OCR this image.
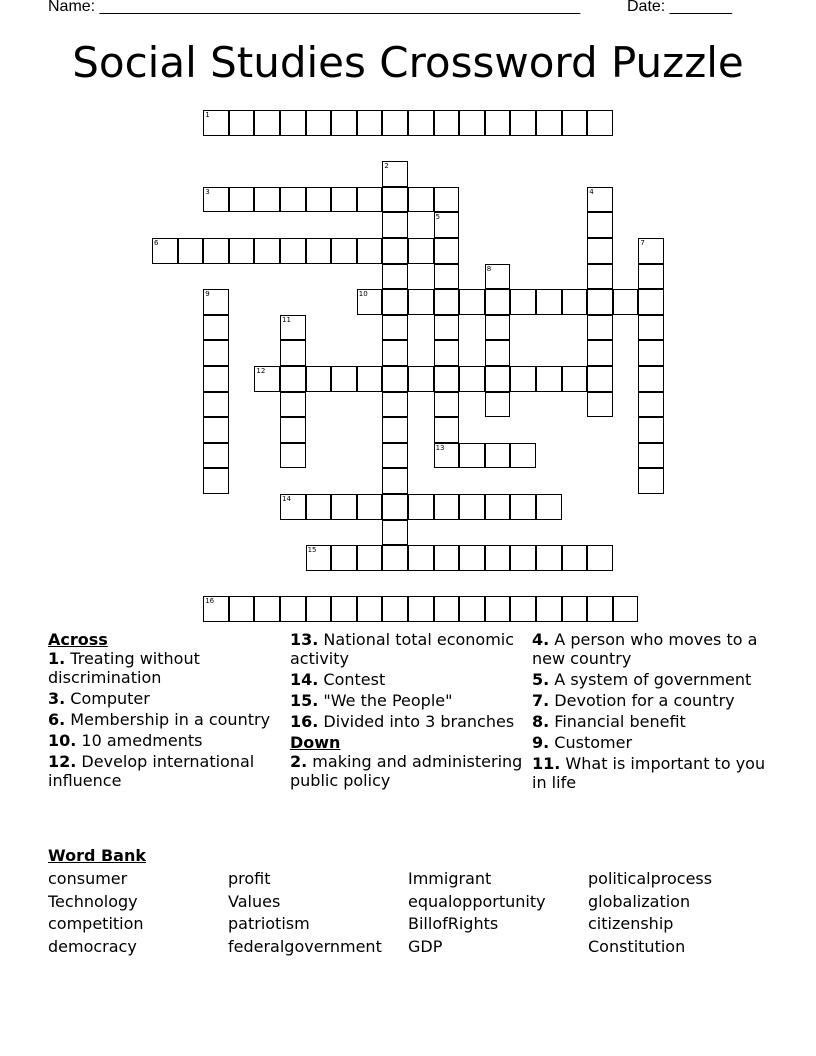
Name: ______________________________________________________	Date: _______
Social Studies Crossword Puzzle
1
2
3	4
5
6	7
8
9	10
11
12
13
14
15
16
Across
1. Treating without discrimination
3. Computer
6. Membership in a country
10. 10 amedments
12. Develop international influence
13. National total economic activity
14. Contest
15. "We the People"
16. Divided into 3 branches
Down
2. making and administering public policy
4. A person who moves to a new country
5. A system of government
7. Devotion for a country
8. Financial benefit
9. Customer
11. What is important to you in life
Word Bank
consumer
Technology
competition
democracy
profit
Values
patriotism
federalgovernment
Immigrant
equalopportunity
BillofRights
GDP
politicalprocess
globalization
citizenship
Constitution
